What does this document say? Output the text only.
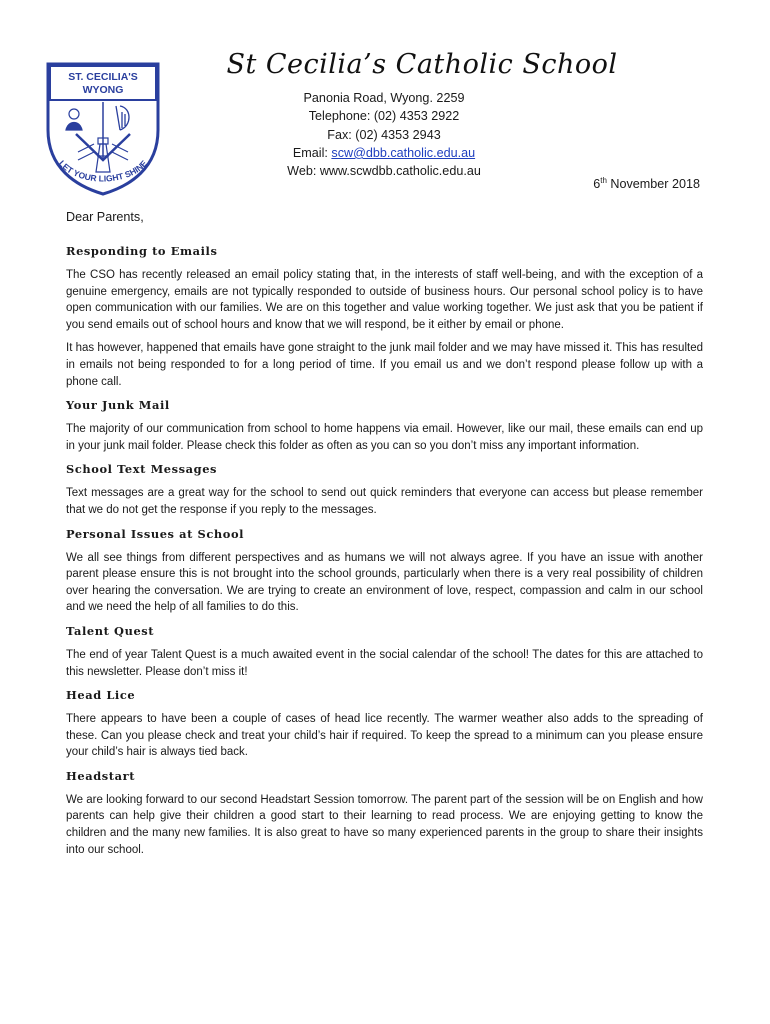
ST. CECILIA'S
WYONG
LET YOUR LIGHT SHINE
St Cecilia’s Catholic School
Panonia Road, Wyong. 2259
Telephone: (02) 4353 2922
Fax: (02) 4353 2943
Email: scw@dbb.catholic.edu.au
Web: www.scwdbb.catholic.edu.au
6th November 2018
Dear Parents,
Responding to Emails

The CSO has recently released an email policy stating that, in the interests of staff well-being, and with the exception of a genuine emergency, emails are not typically responded to outside of business hours. Our personal school policy is to have open communication with our families. We are on this together and value working together. We just ask that you be patient if you send emails out of school hours and know that we will respond, be it either by email or phone.

It has however, happened that emails have gone straight to the junk mail folder and we may have missed it. This has resulted in emails not being responded to for a long period of time. If you email us and we don’t respond please follow up with a phone call.

Your Junk Mail

The majority of our communication from school to home happens via email. However, like our mail, these emails can end up in your junk mail folder. Please check this folder as often as you can so you don’t miss any important information.

School Text Messages

Text messages are a great way for the school to send out quick reminders that everyone can access but please remember that we do not get the response if you reply to the messages.

Personal Issues at School

We all see things from different perspectives and as humans we will not always agree. If you have an issue with another parent please ensure this is not brought into the school grounds, particularly when there is a very real possibility of children over hearing the conversation. We are trying to create an environment of love, respect, compassion and calm in our school and we need the help of all families to do this.

Talent Quest

The end of year Talent Quest is a much awaited event in the social calendar of the school! The dates for this are attached to this newsletter. Please don’t miss it!

Head Lice

There appears to have been a couple of cases of head lice recently. The warmer weather also adds to the spreading of these. Can you please check and treat your child’s hair if required. To keep the spread to a minimum can you please ensure your child’s hair is always tied back.

Headstart

We are looking forward to our second Headstart Session tomorrow. The parent part of the session will be on English and how parents can help give their children a good start to their learning to read process. We are enjoying getting to know the children and the many new families. It is also great to have so many experienced parents in the group to share their insights into our school.
